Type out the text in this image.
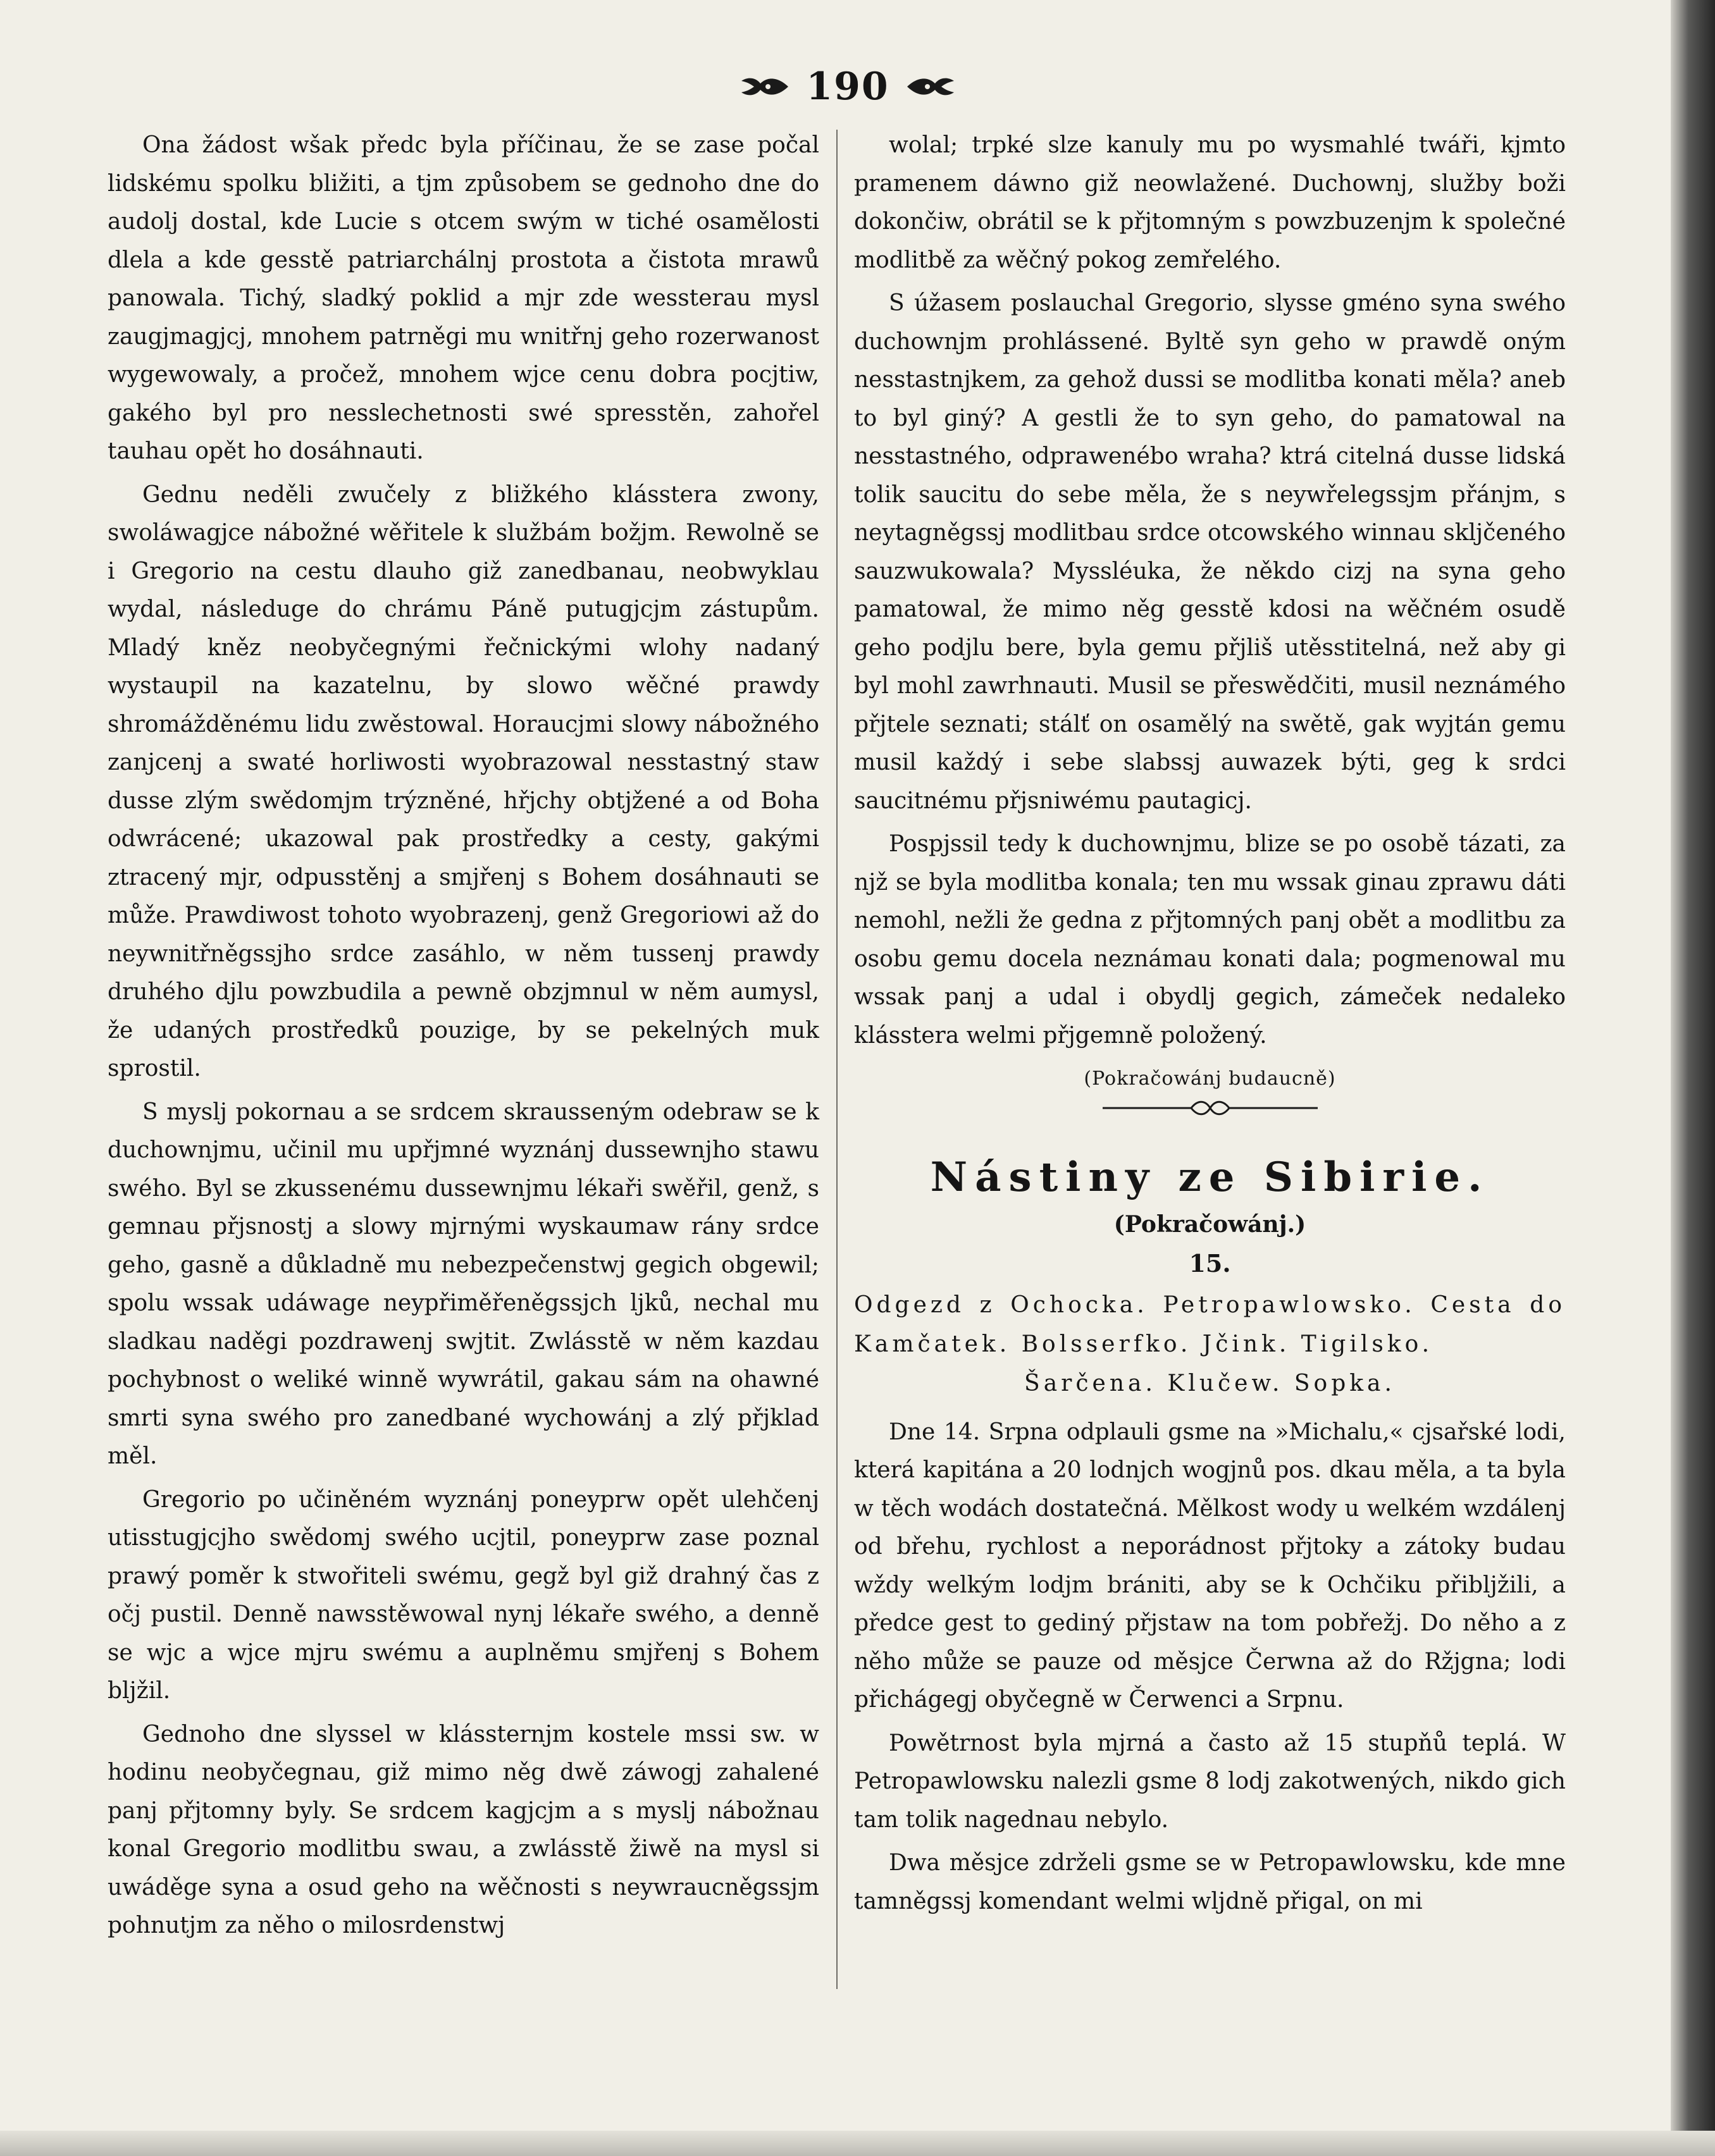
190

Ona žádost wšak předc byla příčinau, že se zase počal lidskému spolku bližiti, a tjm způsobem se gednoho dne do audolj dostal, kde Lucie s otcem swým w tiché osamělosti dlela a kde gesstě patriarchálnj prostota a čistota mrawů panowala. Tichý, sladký poklid a mjr zde wessterau mysl zaugjmagjcj, mnohem patrněgi mu wnitřnj geho rozerwanost wygewowaly, a pročež, mnohem wjce cenu dobra pocjtiw, gakého byl pro nesslechetnosti swé spresstěn, zahořel tauhau opět ho dosáhnauti.

Gednu neděli zwučely z bližkého klásstera zwony, swoláwagjce nábožné wěřitele k službám božjm. Rewolně se i Gregorio na cestu dlauho giž zanedbanau, neobwyklau wydal, následuge do chrámu Páně putugjcjm zástupům. Mladý kněz neobyčegnými řečnickými wlohy nadaný wystaupil na kazatelnu, by slowo wěčné prawdy shromážděnému lidu zwěstowal. Horaucjmi slowy nábožného zanjcenj a swaté horliwosti wyobrazowal nesstastný staw dusse zlým swědomjm trýzněné, hřjchy obtjžené a od Boha odwrácené; ukazowal pak prostředky a cesty, gakými ztracený mjr, odpusstěnj a smjřenj s Bohem dosáhnauti se může. Prawdiwost tohoto wyobrazenj, genž Gregoriowi až do neywnitřněgssjho srdce zasáhlo, w něm tussenj prawdy druhého djlu powzbudila a pewně obzjmnul w něm aumysl, že udaných prostředků pouzige, by se pekelných muk sprostil.

S myslj pokornau a se srdcem skrausseným odebraw se k duchownjmu, učinil mu upřjmné wyznánj dussewnjho stawu swého. Byl se zkussenému dussewnjmu lékaři swěřil, genž, s gemnau přjsnostj a slowy mjrnými wyskaumaw rány srdce geho, gasně a důkladně mu nebezpečenstwj gegich obgewil; spolu wssak udáwage neypřiměřeněgssjch ljků, nechal mu sladkau naděgi pozdrawenj swjtit. Zwlásstě w něm kazdau pochybnost o weliké winně wywrátil, gakau sám na ohawné smrti syna swého pro zanedbané wychowánj a zlý přjklad měl.

Gregorio po učiněném wyznánj poneyprw opět ulehčenj utisstugjcjho swědomj swého ucjtil, poneyprw zase poznal prawý poměr k stwořiteli swému, gegž byl giž drahný čas z očj pustil. Denně nawsstěwowal nynj lékaře swého, a denně se wjc a wjce mjru swému a auplněmu smjřenj s Bohem bljžil.

Gednoho dne slyssel w klássternjm kostele mssi sw. w hodinu neobyčegnau, giž mimo něg dwě záwogj zahalené panj přjtomny byly. Se srdcem kagjcjm a s myslj nábožnau konal Gregorio modlitbu swau, a zwlásstě žiwě na mysl si uwáděge syna a osud geho na wěčnosti s neywraucněgssjm pohnutjm za něho o milosrdenstwj

wolal; trpké slze kanuly mu po wysmahlé twáři, kjmto pramenem dáwno giž neowlažené. Duchownj, služby boži dokončiw, obrátil se k přjtomným s powzbuzenjm k společné modlitbě za wěčný pokog zemřelého.

S úžasem poslauchal Gregorio, slysse gméno syna swého duchownjm prohlássené. Byltě syn geho w prawdě oným nesstastnjkem, za gehož dussi se modlitba konati měla? aneb to byl giný? A gestli že to syn geho, do pamatowal na nesstastného, odprawenébo wraha? ktrá citelná dusse lidská tolik saucitu do sebe měla, že s neywřelegssjm přánjm, s neytagněgssj modlitbau srdce otcowského winnau skljčeného sauzwukowala? Myssléuka, že někdo cizj na syna geho pamatowal, že mimo něg gesstě kdosi na wěčném osudě geho podjlu bere, byla gemu přjliš utěsstitelná, než aby gi byl mohl zawrhnauti. Musil se přeswědčiti, musil neznámého přjtele seznati; stálť on osamělý na swětě, gak wyjtán gemu musil každý i sebe slabssj auwazek býti, geg k srdci saucitnému přjsniwému pautagicj.

Pospjssil tedy k duchownjmu, blize se po osobě tázati, za njž se byla modlitba konala; ten mu wssak ginau zprawu dáti nemohl, nežli že gedna z přjtomných panj obět a modlitbu za osobu gemu docela neznámau konati dala; pogmenowal mu wssak panj a udal i obydlj gegich, zámeček nedaleko klásstera welmi přjgemně položený.

(Pokračowánj budaucně)
Nástiny ze Sibirie.
(Pokračowánj.)
15.
Odgezd z Ochocka. Petropawlowsko. Cesta do Kamčatek. Bolsserfko. Jčink. Tigilsko.
Šarčena. Klučew. Sopka.

Dne 14. Srpna odplauli gsme na »Michalu,« cjsařské lodi, která kapitána a 20 lodnjch wogjnů pos. dkau měla, a ta byla w těch wodách dostatečná. Mělkost wody u welkém wzdálenj od břehu, rychlost a neporádnost přjtoky a zátoky budau wždy welkým lodjm brániti, aby se k Ochčiku přibljžili, a předce gest to gediný přjstaw na tom pobřežj. Do něho a z něho může se pauze od měsjce Čerwna až do Ržjgna; lodi přichágegj obyčegně w Čerwenci a Srpnu.

Powětrnost byla mjrná a často až 15 stupňů teplá. W Petropawlowsku nalezli gsme 8 lodj zakotwených, nikdo gich tam tolik nagednau nebylo.

Dwa měsjce zdrželi gsme se w Petropawlowsku, kde mne tamněgssj komendant welmi wljdně přigal, on mi
